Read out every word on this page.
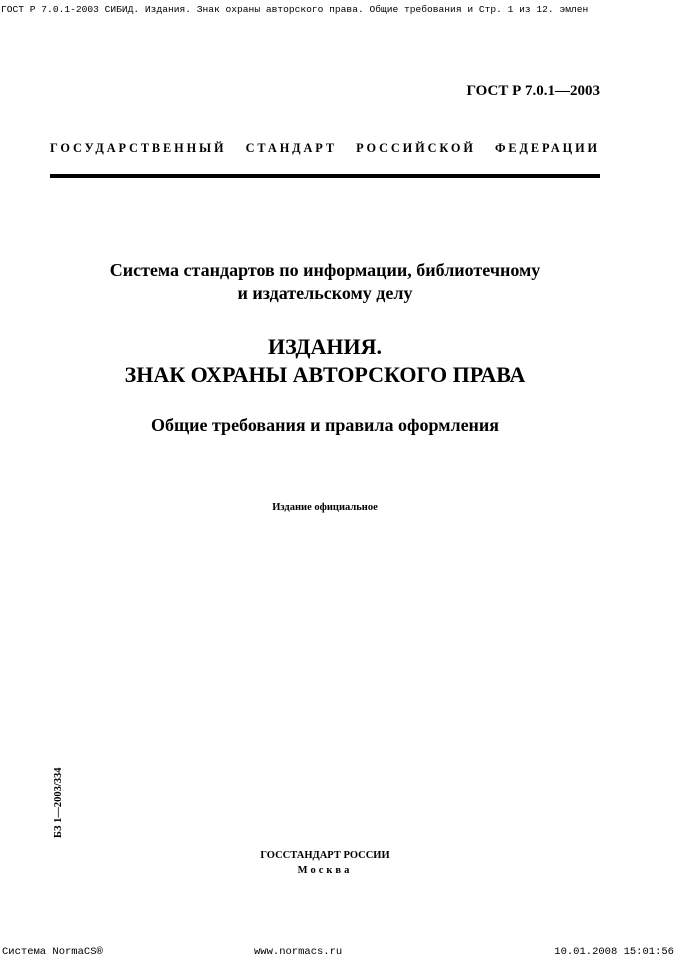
ГОСТ Р 7.0.1-2003 СИБИД. Издания. Знак охраны авторского права. Общие требования и Стр. 1 из 12. эмлен
ГОСТ Р 7.0.1—2003
ГОСУДАРСТВЕННЫЙ СТАНДАРТ РОССИЙСКОЙ ФЕДЕРАЦИИ
Система стандартов по информации, библиотечному
и издательскому делу
ИЗДАНИЯ.
ЗНАК ОХРАНЫ АВТОРСКОГО ПРАВА
Общие требования и правила оформления
Издание официальное
БЗ 1—2003/334
ГОССТАНДАРТ РОССИИ
Москва
Система NormaCS®	www.normacs.ru	10.01.2008 15:01:56
